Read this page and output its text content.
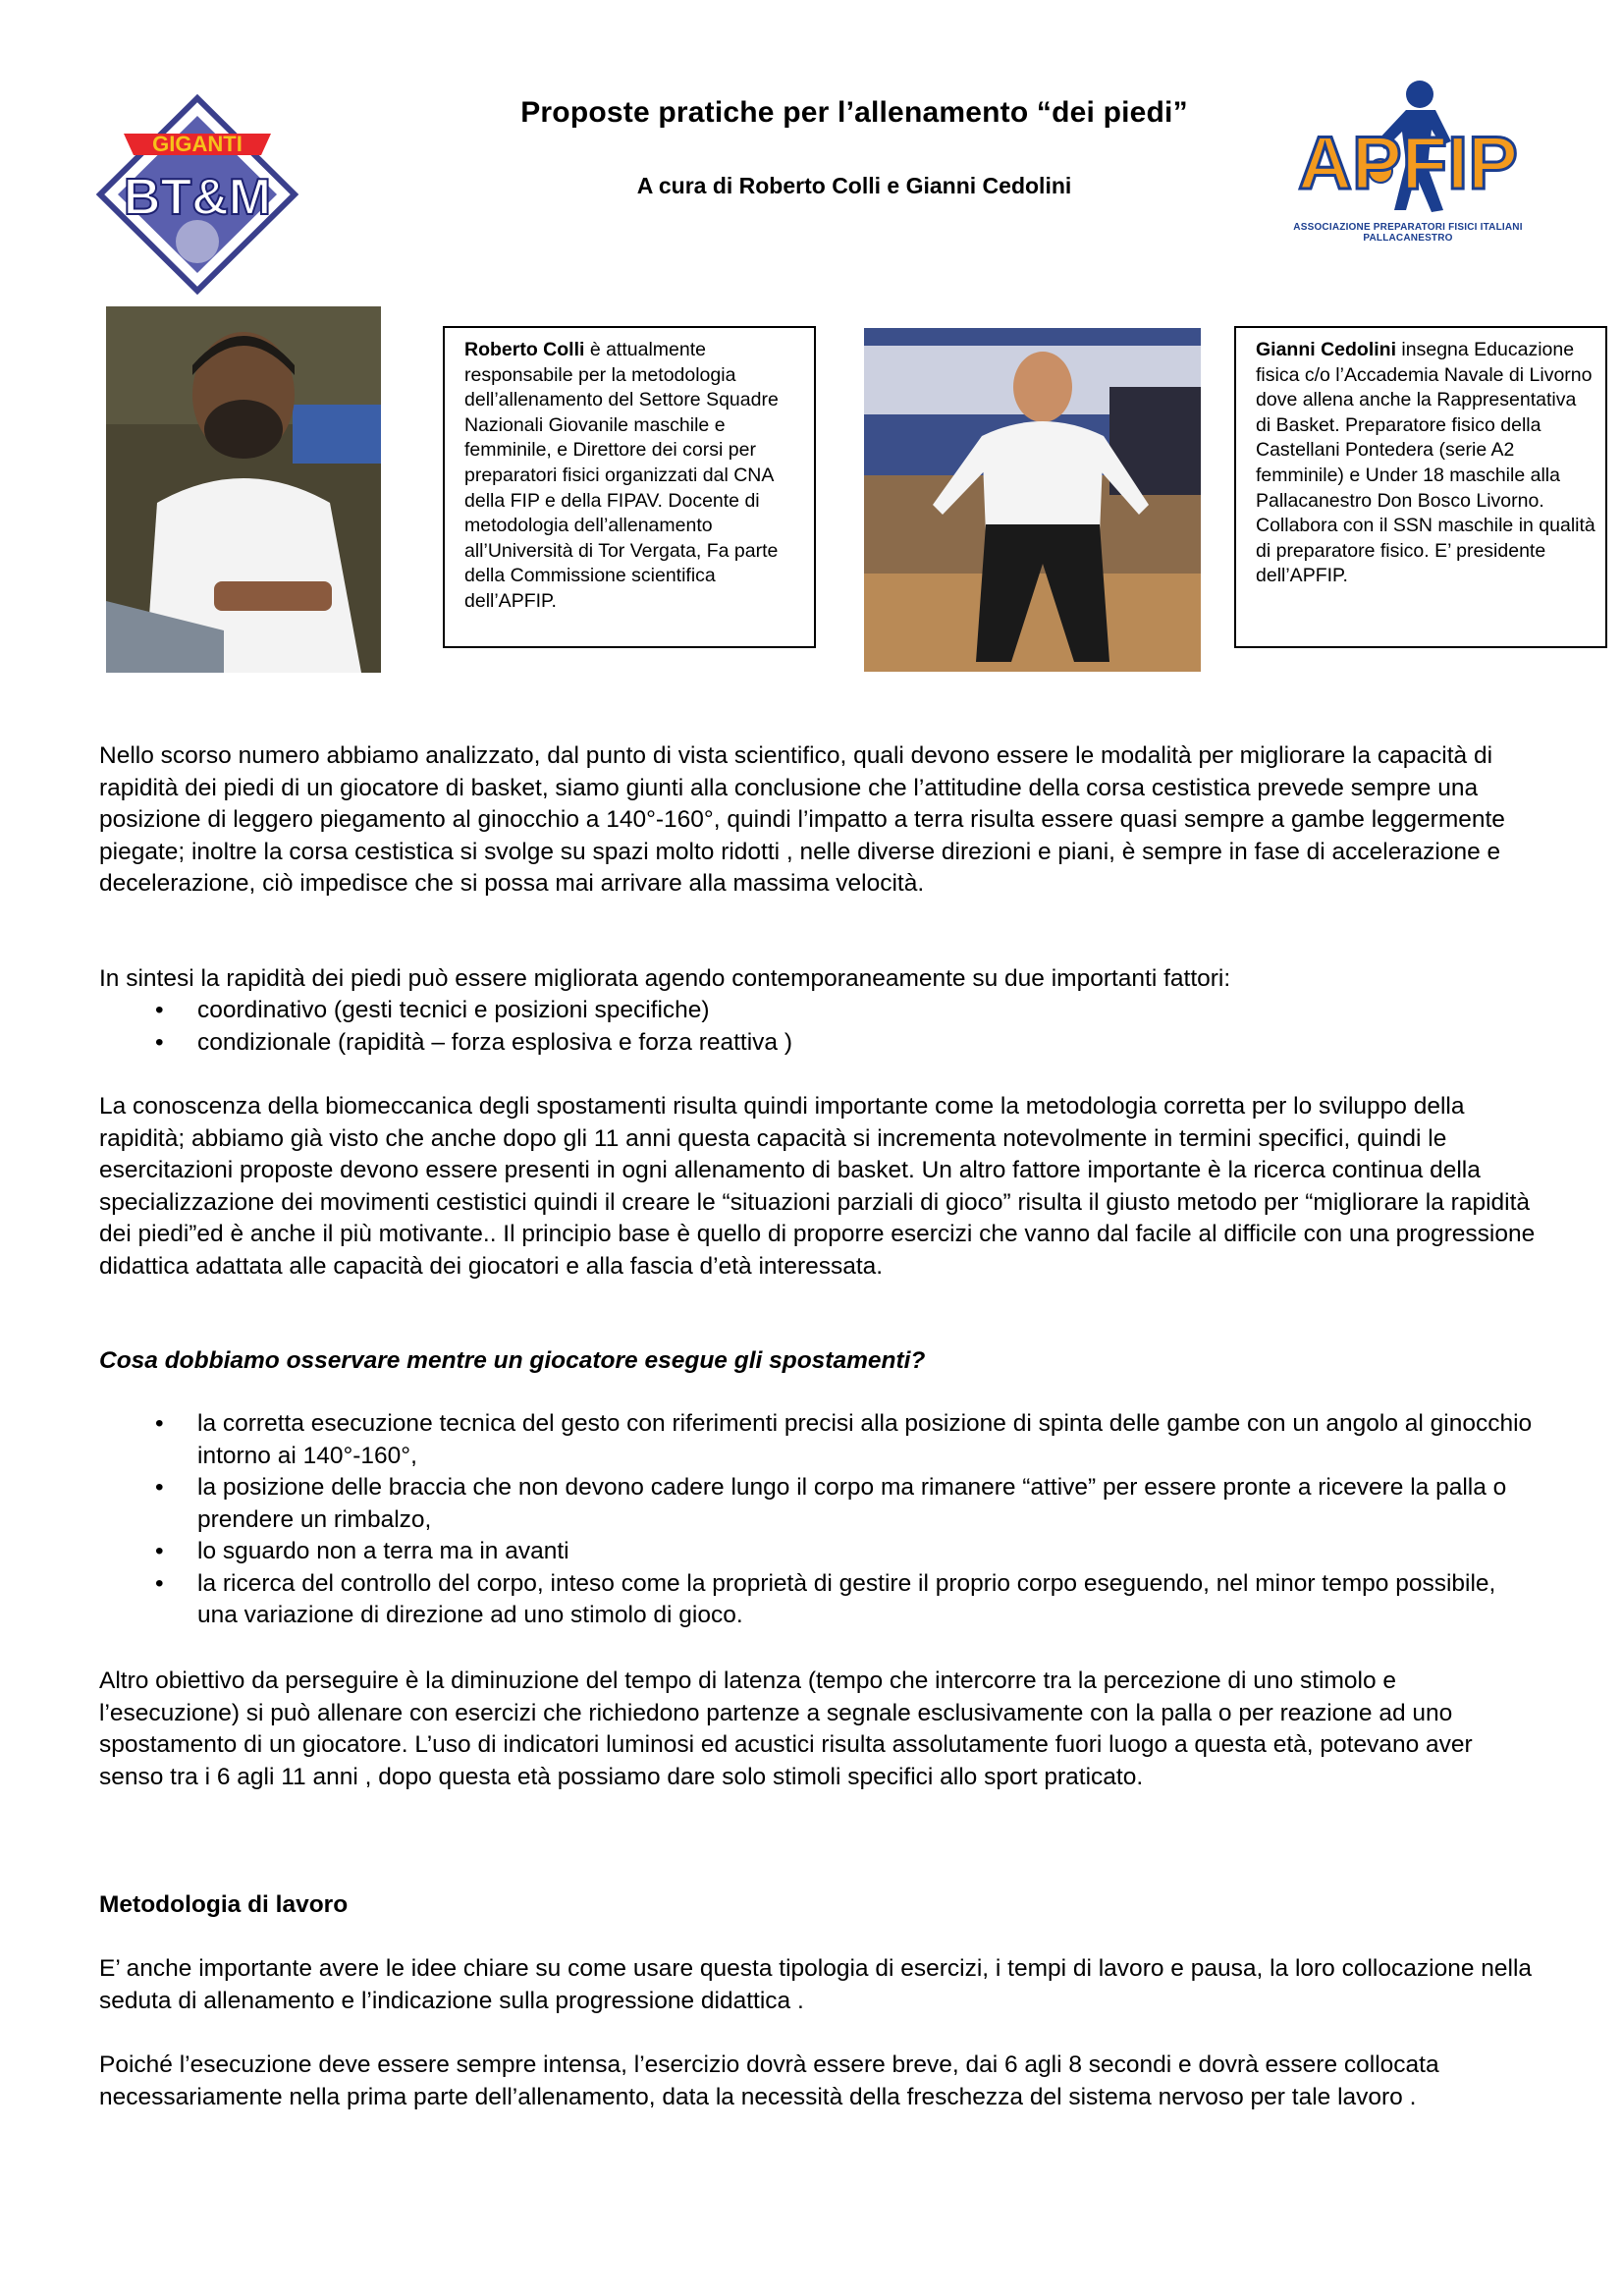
Proposte pratiche per l’allenamento “dei piedi”
A cura di Roberto Colli e Gianni Cedolini
GIGANTI
BT&M	APFIP
ASSOCIAZIONE PREPARATORI FISICI ITALIANI PALLACANESTRO
Roberto Colli è attualmente responsabile per la metodologia dell’allenamento del Settore Squadre Nazionali Giovanile maschile e femminile, e Direttore dei corsi per preparatori fisici organizzati dal CNA della FIP e della FIPAV. Docente di metodologia dell’allenamento all’Università di Tor Vergata, Fa parte della Commissione scientifica dell’APFIP.
Gianni Cedolini insegna Educazione fisica c/o l’Accademia Navale di Livorno dove allena anche la Rappresentativa di Basket. Preparatore fisico della Castellani Pontedera (serie A2 femminile) e Under 18 maschile alla Pallacanestro Don Bosco Livorno. Collabora con il SSN maschile in qualità di preparatore fisico. E’ presidente dell’APFIP.
Nello scorso numero abbiamo analizzato, dal punto di vista scientifico, quali devono essere le modalità per migliorare la capacità di rapidità dei piedi di un giocatore di basket, siamo giunti alla conclusione che l’attitudine della corsa cestistica prevede sempre una posizione di leggero piegamento al ginocchio a 140°-160°, quindi l’impatto a terra risulta essere quasi sempre a gambe leggermente piegate; inoltre la corsa cestistica si svolge su spazi molto ridotti , nelle diverse direzioni e piani, è sempre in fase di accelerazione e decelerazione, ciò impedisce che si possa mai arrivare alla massima velocità.
In sintesi la rapidità dei piedi può essere migliorata agendo contemporaneamente su due importanti fattori:
• coordinativo (gesti tecnici e posizioni specifiche)
• condizionale (rapidità – forza esplosiva e forza reattiva )
La conoscenza della biomeccanica degli spostamenti risulta quindi importante come la metodologia corretta per lo sviluppo della rapidità; abbiamo già visto che anche dopo gli 11 anni questa capacità si incrementa notevolmente in termini specifici, quindi le esercitazioni proposte devono essere presenti in ogni allenamento di basket. Un altro fattore importante è la ricerca continua della specializzazione dei movimenti cestistici quindi il creare le “situazioni parziali di gioco” risulta il giusto metodo per “migliorare la rapidità dei piedi”ed è anche il più motivante.. Il principio base è quello di proporre esercizi che vanno dal facile al difficile con una progressione didattica adattata alle capacità dei giocatori e alla fascia d’età interessata.
Cosa dobbiamo osservare mentre un giocatore esegue gli spostamenti?
• la corretta esecuzione tecnica del gesto con riferimenti precisi alla posizione di spinta delle gambe con un angolo al ginocchio intorno ai 140°-160°,
• la posizione delle braccia che non devono cadere lungo il corpo ma rimanere “attive” per essere pronte a ricevere la palla o prendere un rimbalzo,
• lo sguardo non a terra ma in avanti
• la ricerca del controllo del corpo, inteso come la proprietà di gestire il proprio corpo eseguendo, nel minor tempo possibile, una variazione di direzione ad uno stimolo di gioco.
Altro obiettivo da perseguire è la diminuzione del tempo di latenza (tempo che intercorre tra la percezione di uno stimolo e l’esecuzione) si può allenare con esercizi che richiedono partenze a segnale esclusivamente con la palla o per reazione ad uno spostamento di un giocatore. L’uso di indicatori luminosi ed acustici risulta assolutamente fuori luogo a questa età, potevano aver senso tra i 6 agli 11 anni , dopo questa età possiamo dare solo stimoli specifici allo sport praticato.
Metodologia di lavoro
E’ anche importante avere le idee chiare su come usare questa tipologia di esercizi, i tempi di lavoro e pausa, la loro collocazione nella seduta di allenamento e l’indicazione sulla progressione didattica .
Poiché l’esecuzione deve essere sempre intensa, l’esercizio dovrà essere breve, dai 6 agli 8 secondi e dovrà essere collocata necessariamente nella prima parte dell’allenamento, data la necessità della freschezza del sistema nervoso per tale lavoro .
